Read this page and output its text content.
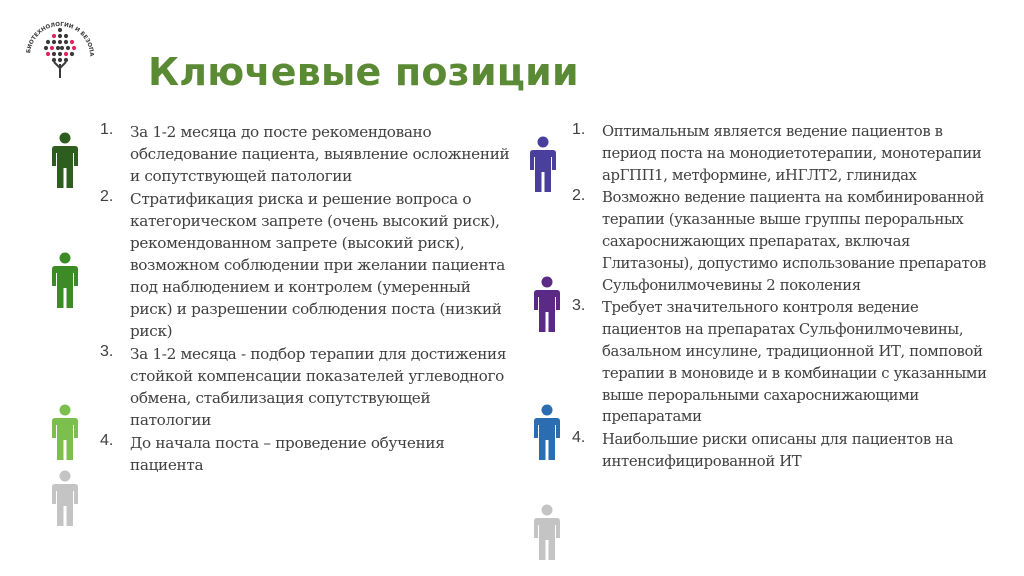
БИОТЕХНОЛОГИИ И БЕЗОПА Ключевые позиции
1. За 1-2 месяца до посте рекомендовано обследование пациента, выявление осложнений и сопутствующей патологии
2. Стратификация риска и решение вопроса о категорическом запрете (очень высокий риск), рекомендованном запрете (высокий риск), возможном соблюдении при желании пациента под наблюдением и контролем (умеренный риск) и разрешении соблюдения поста (низкий риск)
3. За 1-2 месяца - подбор терапии для достижения стойкой компенсации показателей углеводного обмена, стабилизация сопутствующей патологии
4. До начала поста – проведение обучения пациента
1. Оптимальным является ведение пациентов в период поста на монодиетотерапии, монотерапии арГПП1, метформине, иНГЛТ2, глинидах
2. Возможно ведение пациента на комбинированной терапии (указанные выше группы пероральных сахароснижающих препаратах, включая Глитазоны), допустимо использование препаратов Сульфонилмочевины 2 поколения
3. Требует значительного контроля ведение пациентов на препаратах Сульфонилмочевины, базальном инсулине, традиционной ИТ, помповой терапии в моновиде и в комбинации с указанными выше пероральными сахароснижающими препаратами
4. Наибольшие риски описаны для пациентов на интенсифицированной ИТ
